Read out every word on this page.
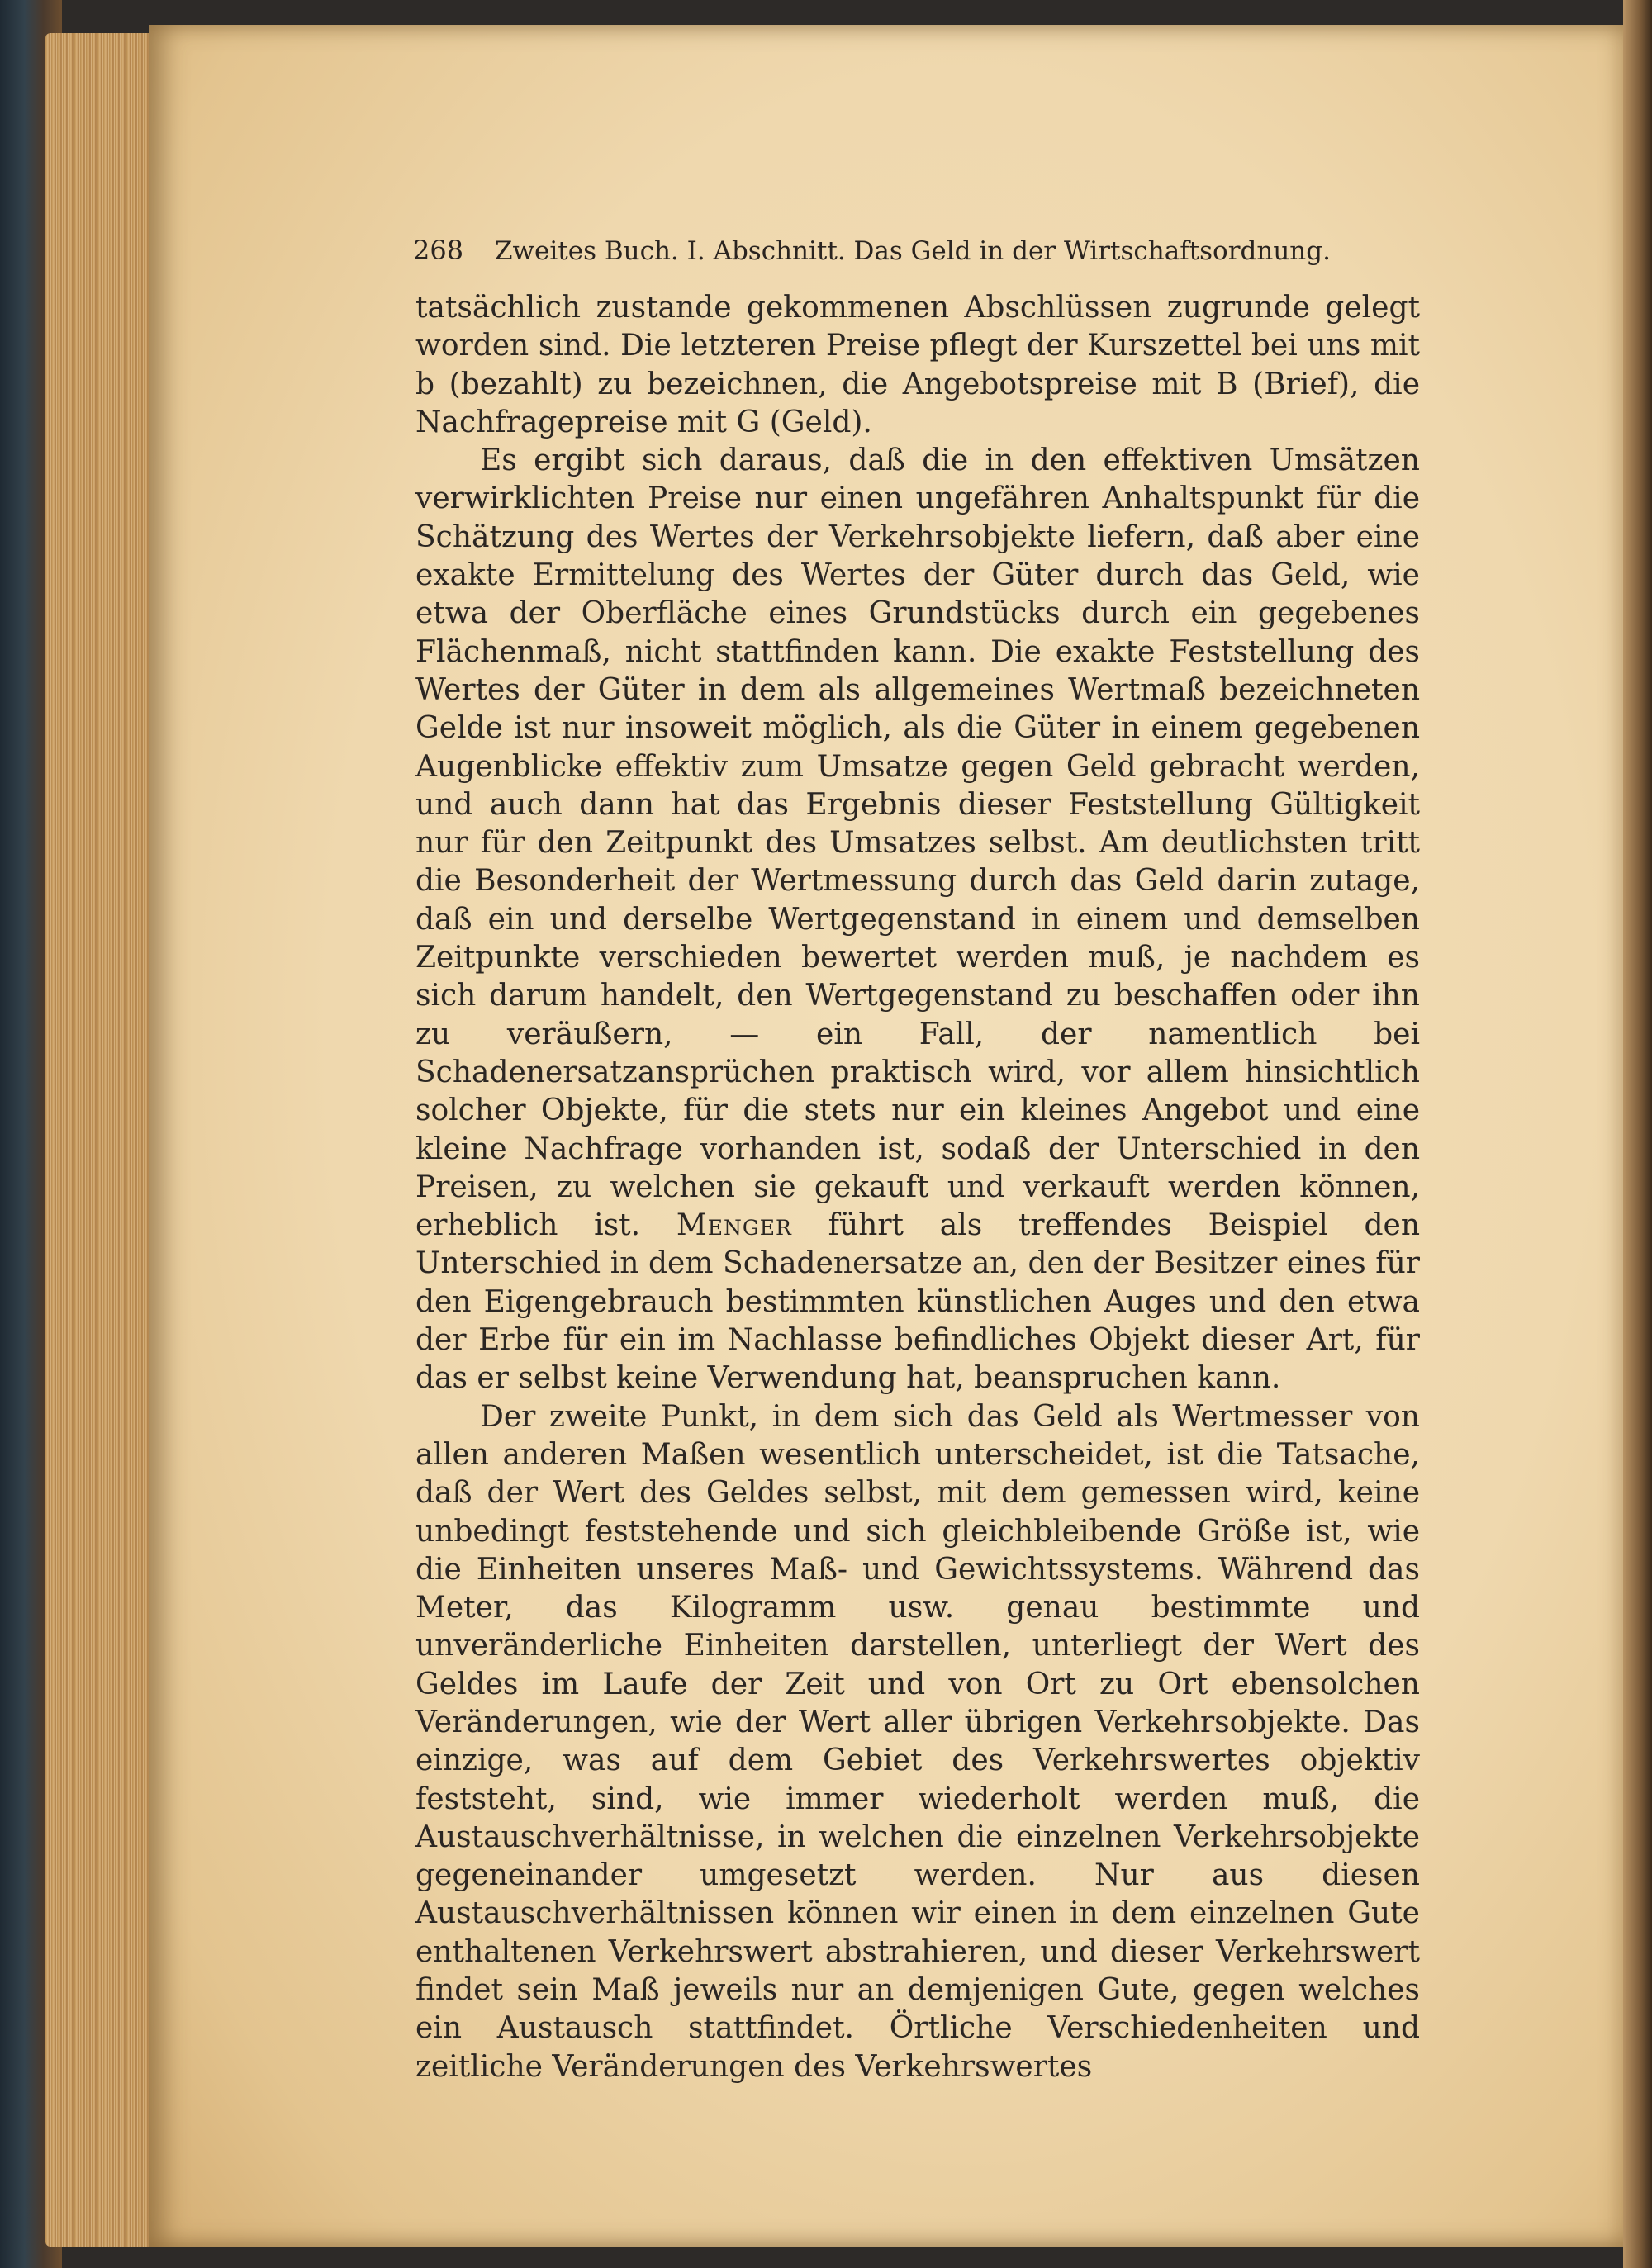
268 Zweites Buch. I. Abschnitt. Das Geld in der Wirtschaftsordnung.

tatsächlich zustande gekommenen Abschlüssen zugrunde gelegt worden sind. Die letzteren Preise pflegt der Kurszettel bei uns mit b (bezahlt) zu bezeichnen, die Angebotspreise mit B (Brief), die Nachfragepreise mit G (Geld).

Es ergibt sich daraus, daß die in den effektiven Umsätzen verwirklichten Preise nur einen ungefähren Anhaltspunkt für die Schätzung des Wertes der Verkehrsobjekte liefern, daß aber eine exakte Ermittelung des Wertes der Güter durch das Geld, wie etwa der Oberfläche eines Grundstücks durch ein gegebenes Flächenmaß, nicht stattfinden kann. Die exakte Feststellung des Wertes der Güter in dem als allgemeines Wertmaß bezeichneten Gelde ist nur insoweit möglich, als die Güter in einem gegebenen Augenblicke effektiv zum Umsatze gegen Geld gebracht werden, und auch dann hat das Ergebnis dieser Feststellung Gültigkeit nur für den Zeitpunkt des Umsatzes selbst. Am deutlichsten tritt die Besonderheit der Wertmessung durch das Geld darin zutage, daß ein und derselbe Wertgegenstand in einem und demselben Zeitpunkte verschieden bewertet werden muß, je nachdem es sich darum handelt, den Wertgegenstand zu beschaffen oder ihn zu veräußern, — ein Fall, der namentlich bei Schadenersatzansprüchen praktisch wird, vor allem hinsichtlich solcher Objekte, für die stets nur ein kleines Angebot und eine kleine Nachfrage vorhanden ist, sodaß der Unterschied in den Preisen, zu welchen sie gekauft und verkauft werden können, erheblich ist. Menger führt als treffendes Beispiel den Unterschied in dem Schadenersatze an, den der Besitzer eines für den Eigengebrauch bestimmten künstlichen Auges und den etwa der Erbe für ein im Nachlasse befindliches Objekt dieser Art, für das er selbst keine Verwendung hat, beanspruchen kann.

Der zweite Punkt, in dem sich das Geld als Wertmesser von allen anderen Maßen wesentlich unterscheidet, ist die Tatsache, daß der Wert des Geldes selbst, mit dem gemessen wird, keine unbedingt feststehende und sich gleichbleibende Größe ist, wie die Einheiten unseres Maß- und Gewichtssystems. Während das Meter, das Kilogramm usw. genau bestimmte und unveränderliche Einheiten darstellen, unterliegt der Wert des Geldes im Laufe der Zeit und von Ort zu Ort ebensolchen Veränderungen, wie der Wert aller übrigen Verkehrsobjekte. Das einzige, was auf dem Gebiet des Verkehrswertes objektiv feststeht, sind, wie immer wiederholt werden muß, die Austauschverhältnisse, in welchen die einzelnen Verkehrsobjekte gegeneinander umgesetzt werden. Nur aus diesen Austauschverhältnissen können wir einen in dem einzelnen Gute enthaltenen Verkehrswert abstrahieren, und dieser Verkehrswert findet sein Maß jeweils nur an demjenigen Gute, gegen welches ein Austausch stattfindet. Örtliche Verschiedenheiten und zeitliche Veränderungen des Verkehrswertes
